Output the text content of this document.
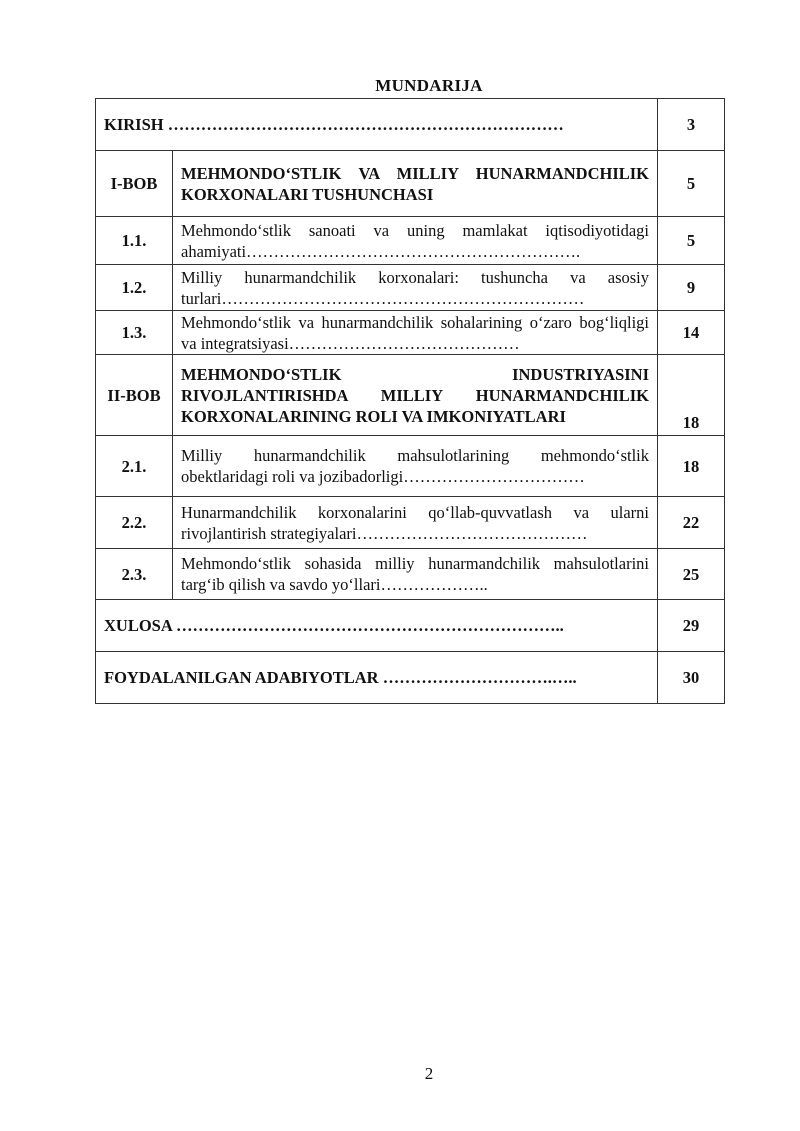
MUNDARIJA
KIRISH ………………………………………………………………		3
I-BOB	MEHMONDO‘STLIK VA MILLIY HUNARMANDCHILIK KORXONALARI TUSHUNCHASI	5
1.1.	Mehmondo‘stlik sanoati va uning mamlakat iqtisodiyotidagi ahamiyati…………………………………………………….	5
1.2.	Milliy hunarmandchilik korxonalari: tushuncha va asosiy turlari…………………………………………………………	9
1.3.	Mehmondo‘stlik va hunarmandchilik sohalarining o‘zaro bog‘liqligi va integratsiyasi……………………………………	14
II-BOB	MEHMONDO‘STLIK INDUSTRIYASINI RIVOJLANTIRISHDA MILLIY HUNARMANDCHILIK KORXONALARINING ROLI VA IMKONIYATLARI	18
2.1.	Milliy hunarmandchilik mahsulotlarining mehmondo‘stlik obektlaridagi roli va jozibadorligi……………………………	18
2.2.	Hunarmandchilik korxonalarini qo‘llab-quvvatlash va ularni rivojlantirish strategiyalari……………………………………	22
2.3.	Mehmondo‘stlik sohasida milliy hunarmandchilik mahsulotlarini targ‘ib qilish va savdo yo‘llari………………..	25
XULOSA ……………………………………………………………..		29
FOYDALANILGAN ADABIYOTLAR ………………………….…..		30
2
